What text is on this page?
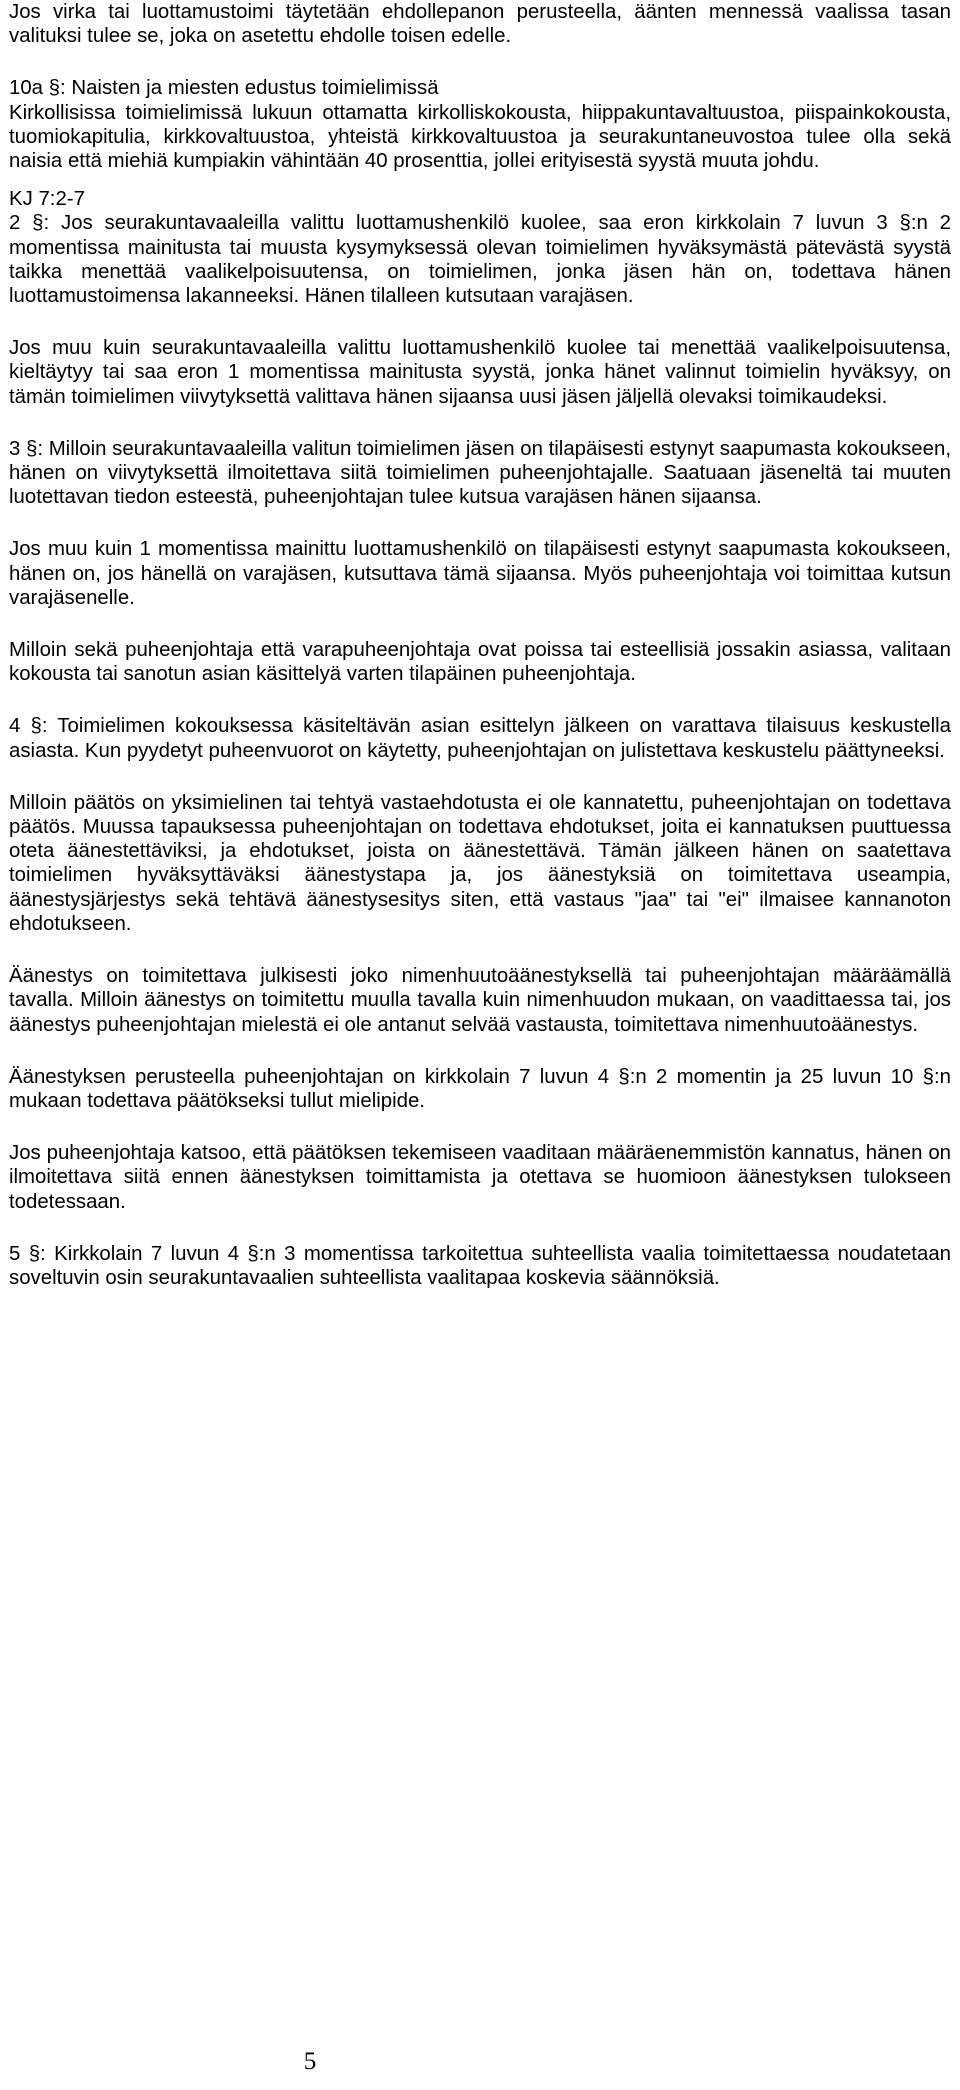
Jos virka tai luottamustoimi täytetään ehdollepanon perusteella, äänten mennessä vaalissa tasan valituksi tulee se, joka on asetettu ehdolle toisen edelle.

10a §: Naisten ja miesten edustus toimielimissä

Kirkollisissa toimielimissä lukuun ottamatta kirkolliskokousta, hiippakuntavaltuustoa, piispainkokousta, tuomiokapitulia, kirkkovaltuustoa, yhteistä kirkkovaltuustoa ja seurakuntaneuvostoa tulee olla sekä naisia että miehiä kumpiakin vähintään 40 prosenttia, jollei erityisestä syystä muuta johdu.

KJ 7:2-7

2 §: Jos seurakuntavaaleilla valittu luottamushenkilö kuolee, saa eron kirkkolain 7 luvun 3 §:n 2 momentissa mainitusta tai muusta kysymyksessä olevan toimielimen hyväksymästä pätevästä syystä taikka menettää vaalikelpoisuutensa, on toimielimen, jonka jäsen hän on, todettava hänen luottamustoimensa lakanneeksi. Hänen tilalleen kutsutaan varajäsen.

Jos muu kuin seurakuntavaaleilla valittu luottamushenkilö kuolee tai menettää vaalikelpoisuutensa, kieltäytyy tai saa eron 1 momentissa mainitusta syystä, jonka hänet valinnut toimielin hyväksyy, on tämän toimielimen viivytyksettä valittava hänen sijaansa uusi jäsen jäljellä olevaksi toimikaudeksi.

3 §: Milloin seurakuntavaaleilla valitun toimielimen jäsen on tilapäisesti estynyt saapumasta kokoukseen, hänen on viivytyksettä ilmoitettava siitä toimielimen puheenjohtajalle. Saatuaan jäseneltä tai muuten luotettavan tiedon esteestä, puheenjohtajan tulee kutsua varajäsen hänen sijaansa.

Jos muu kuin 1 momentissa mainittu luottamushenkilö on tilapäisesti estynyt saapumasta kokoukseen, hänen on, jos hänellä on varajäsen, kutsuttava tämä sijaansa. Myös puheenjohtaja voi toimittaa kutsun varajäsenelle.

Milloin sekä puheenjohtaja että varapuheenjohtaja ovat poissa tai esteellisiä jossakin asiassa, valitaan kokousta tai sanotun asian käsittelyä varten tilapäinen puheenjohtaja.

4 §: Toimielimen kokouksessa käsiteltävän asian esittelyn jälkeen on varattava tilaisuus keskustella asiasta. Kun pyydetyt puheenvuorot on käytetty, puheenjohtajan on julistettava keskustelu päättyneeksi.

Milloin päätös on yksimielinen tai tehtyä vastaehdotusta ei ole kannatettu, puheenjohtajan on todettava päätös. Muussa tapauksessa puheenjohtajan on todettava ehdotukset, joita ei kannatuksen puuttuessa oteta äänestettäviksi, ja ehdotukset, joista on äänestettävä. Tämän jälkeen hänen on saatettava toimielimen hyväksyttäväksi äänestystapa ja, jos äänestyksiä on toimitettava useampia, äänestysjärjestys sekä tehtävä äänestysesitys siten, että vastaus "jaa" tai "ei" ilmaisee kannanoton ehdotukseen.

Äänestys on toimitettava julkisesti joko nimenhuutoäänestyksellä tai puheenjohtajan määräämällä tavalla. Milloin äänestys on toimitettu muulla tavalla kuin nimenhuudon mukaan, on vaadittaessa tai, jos äänestys puheenjohtajan mielestä ei ole antanut selvää vastausta, toimitettava nimenhuutoäänestys.

Äänestyksen perusteella puheenjohtajan on kirkkolain 7 luvun 4 §:n 2 momentin ja 25 luvun 10 §:n mukaan todettava päätökseksi tullut mielipide.

Jos puheenjohtaja katsoo, että päätöksen tekemiseen vaaditaan määräenemmistön kannatus, hänen on ilmoitettava siitä ennen äänestyksen toimittamista ja otettava se huomioon äänestyksen tulokseen todetessaan.

5 §: Kirkkolain 7 luvun 4 §:n 3 momentissa tarkoitettua suhteellista vaalia toimitettaessa noudatetaan soveltuvin osin seurakuntavaalien suhteellista vaalitapaa koskevia säännöksiä.

5
